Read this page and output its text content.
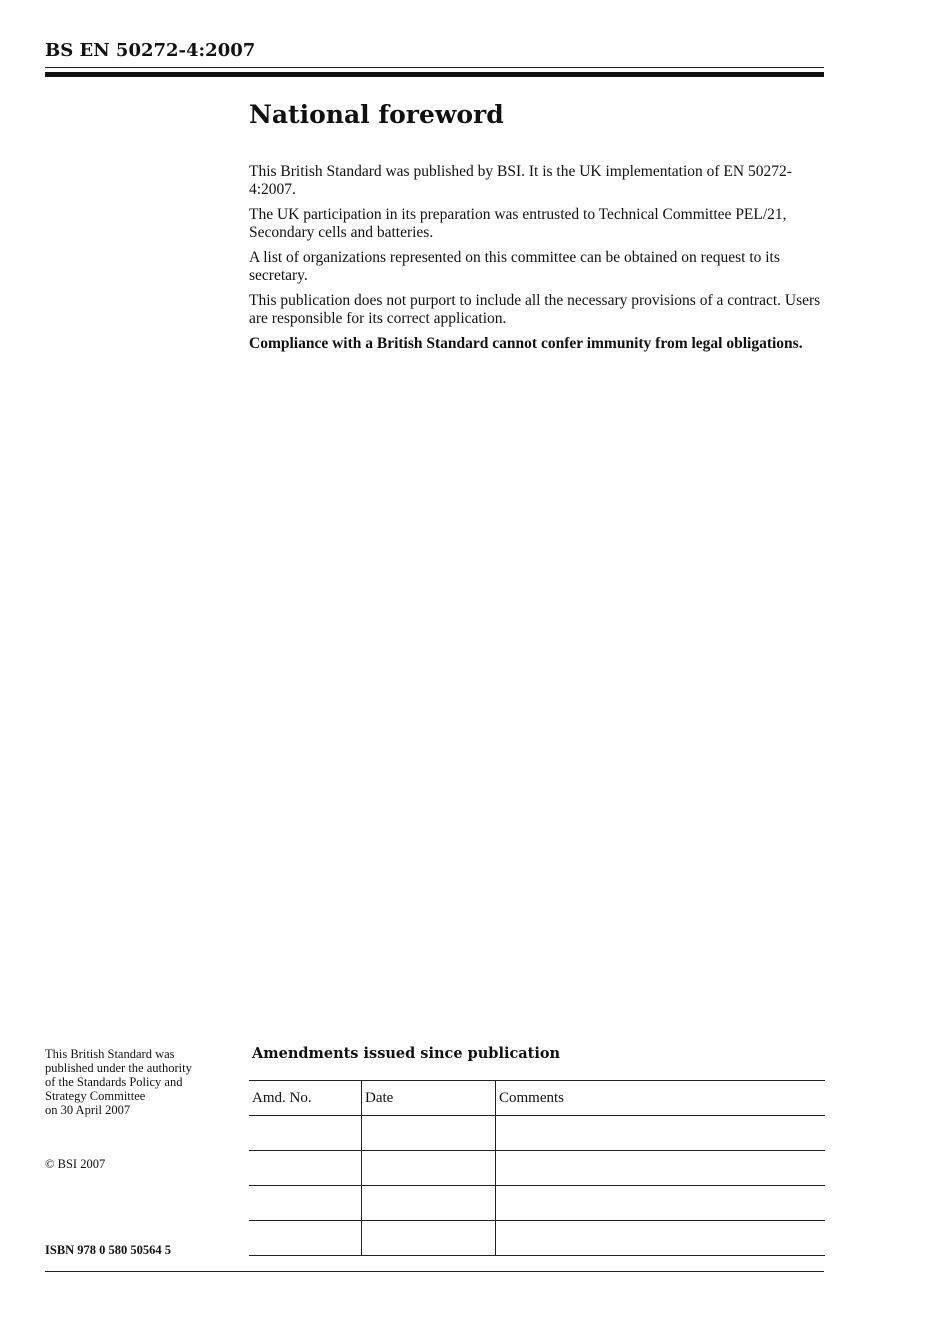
BS EN 50272-4:2007
National foreword

This British Standard was published by BSI. It is the UK implementation of EN 50272-4:2007.

The UK participation in its preparation was entrusted to Technical Committee PEL/21, Secondary cells and batteries.

A list of organizations represented on this committee can be obtained on request to its secretary.

This publication does not purport to include all the necessary provisions of a contract. Users are responsible for its correct application.

Compliance with a British Standard cannot confer immunity from legal obligations.

This British Standard was
published under the authority
of the Standards Policy and
Strategy Committee
on 30 April 2007
© BSI 2007
ISBN 978 0 580 50564 5
Amendments issued since publication
Amd. No.	Date	Comments
